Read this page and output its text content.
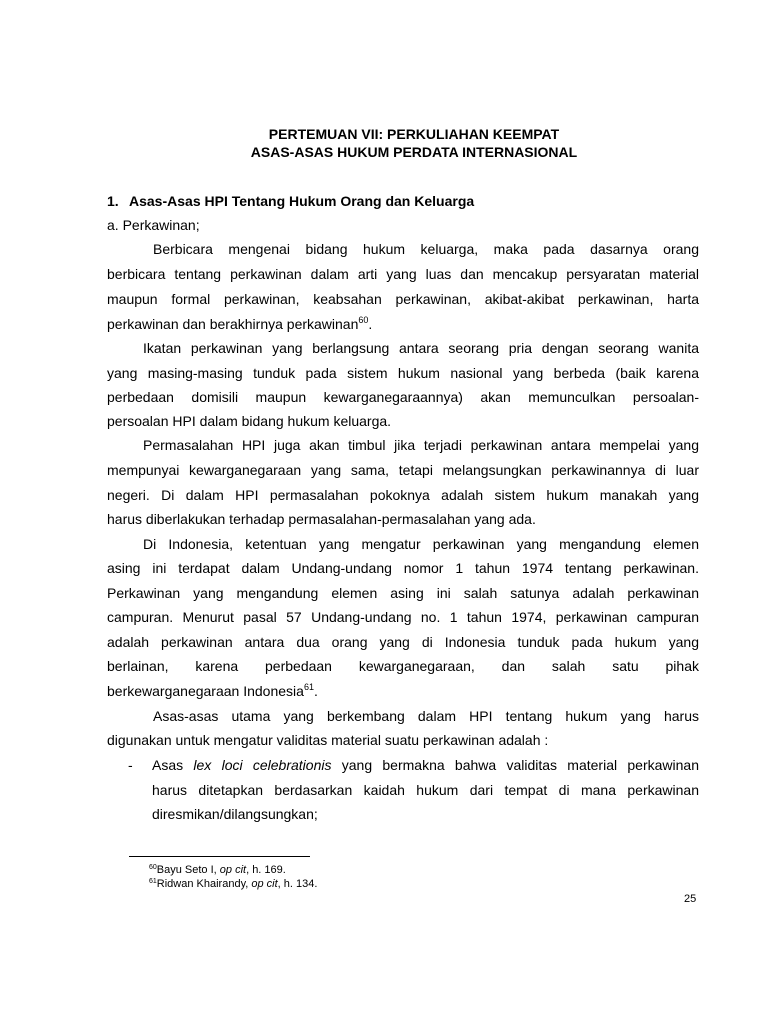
PERTEMUAN VII: PERKULIAHAN KEEMPAT
ASAS-ASAS HUKUM PERDATA INTERNASIONAL
1. Asas-Asas HPI Tentang Hukum Orang dan Keluarga
a. Perkawinan;
Berbicara mengenai bidang hukum keluarga, maka pada dasarnya orang
berbicara tentang perkawinan dalam arti yang luas dan mencakup persyaratan material
maupun formal perkawinan, keabsahan perkawinan, akibat-akibat perkawinan, harta
perkawinan dan berakhirnya perkawinan$^{60}$.
Ikatan perkawinan yang berlangsung antara seorang pria dengan seorang wanita
yang masing-masing tunduk pada sistem hukum nasional yang berbeda (baik karena
perbedaan domisili maupun kewarganegaraannya) akan memunculkan persoalan-
persoalan HPI dalam bidang hukum keluarga.
Permasalahan HPI juga akan timbul jika terjadi perkawinan antara mempelai yang
mempunyai kewarganegaraan yang sama, tetapi melangsungkan perkawinannya di luar
negeri. Di dalam HPI permasalahan pokoknya adalah sistem hukum manakah yang
harus diberlakukan terhadap permasalahan-permasalahan yang ada.
Di Indonesia, ketentuan yang mengatur perkawinan yang mengandung elemen
asing ini terdapat dalam Undang-undang nomor 1 tahun 1974 tentang perkawinan.
Perkawinan yang mengandung elemen asing ini salah satunya adalah perkawinan
campuran. Menurut pasal 57 Undang-undang no. 1 tahun 1974, perkawinan campuran
adalah perkawinan antara dua orang yang di Indonesia tunduk pada hukum yang
berlainan, karena perbedaan kewarganegaraan, dan salah satu pihak
berkewarganegaraan Indonesia$^{61}$.
Asas-asas utama yang berkembang dalam HPI tentang hukum yang harus
digunakan untuk mengatur validitas material suatu perkawinan adalah :
- Asas lex loci celebrationis yang bermakna bahwa validitas material perkawinan
harus ditetapkan berdasarkan kaidah hukum dari tempat di mana perkawinan
diresmikan/dilangsungkan;
$^{60}$Bayu Seto I, op cit, h. 169.
$^{61}$Ridwan Khairandy, op cit, h. 134.
25
